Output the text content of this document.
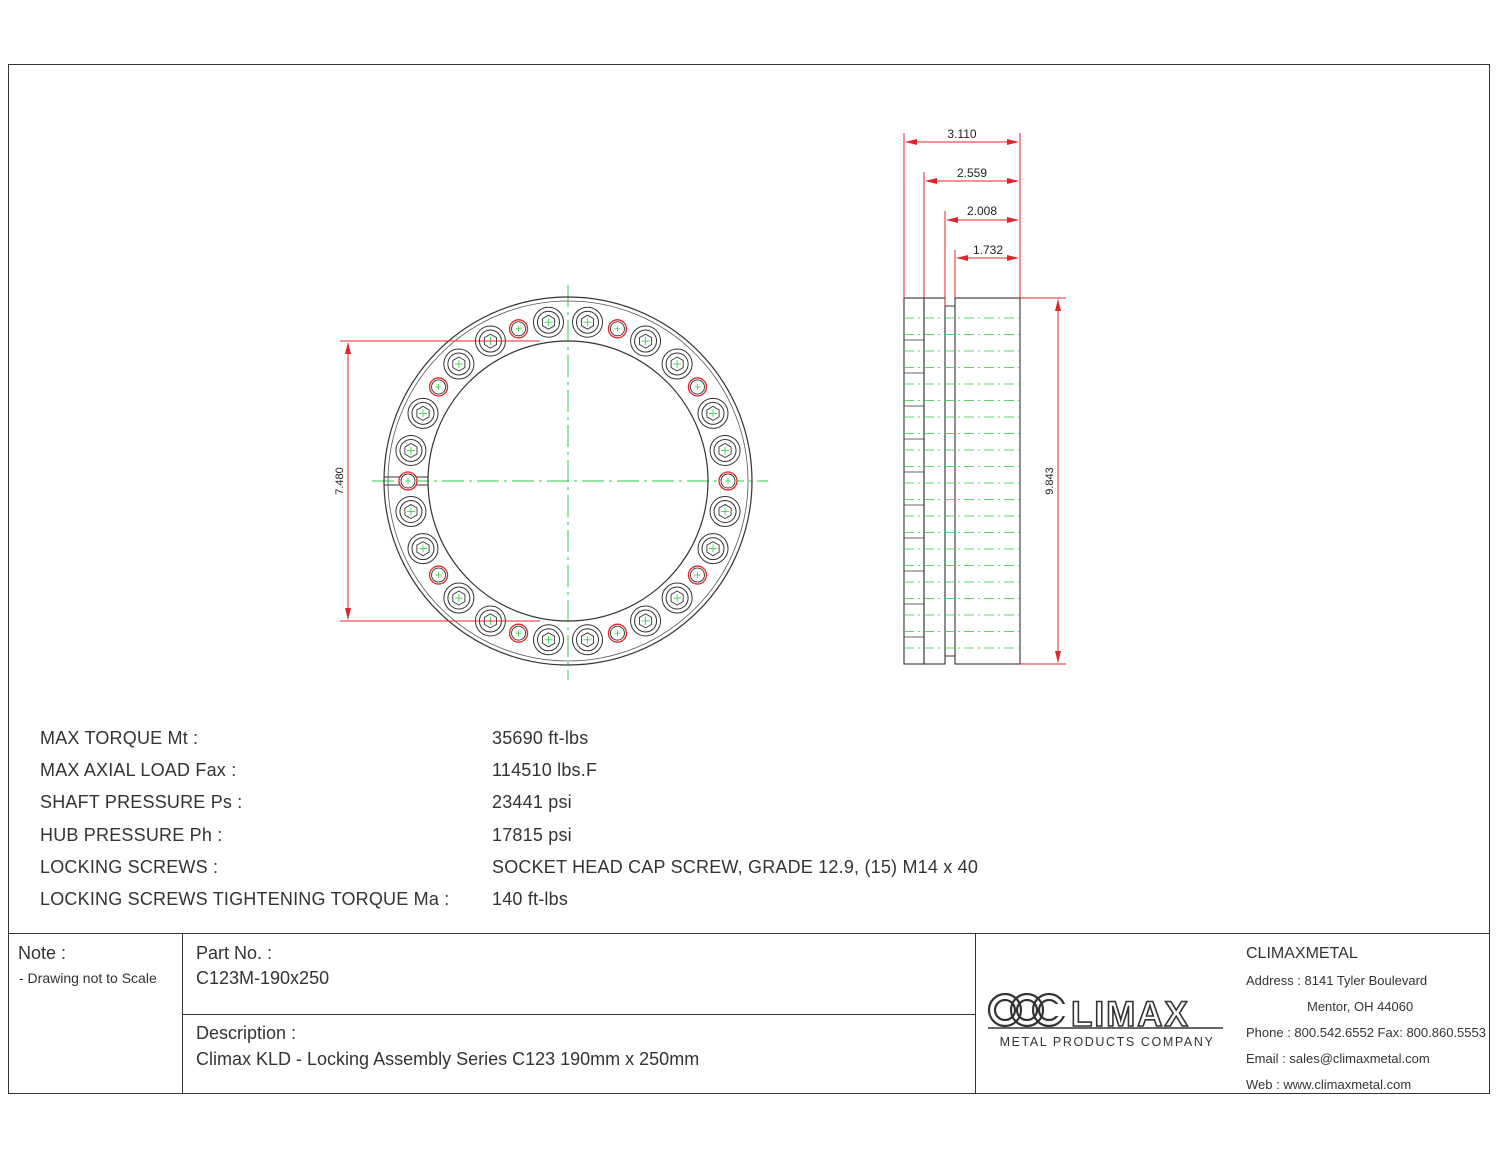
7.480
3.110
2.559
2.008
1.732
9.843
MAX TORQUE Mt :	35690 ft-lbs
MAX AXIAL LOAD Fax :	114510 lbs.F
SHAFT PRESSURE Ps :	23441 psi
HUB PRESSURE Ph :	17815 psi
LOCKING SCREWS :	SOCKET HEAD CAP SCREW, GRADE 12.9, (15) M14 x 40
LOCKING SCREWS TIGHTENING TORQUE Ma : 140 ft-lbs
Note :
- Drawing not to Scale
Part No. :
C123M-190x250
Description :
Climax KLD - Locking Assembly Series C123 190mm x 250mm
LIMAX
METAL PRODUCTS COMPANY
CLIMAXMETAL
Address : 8141 Tyler Boulevard
Mentor, OH 44060
Phone : 800.542.6552 Fax: 800.860.5553
Email : sales@climaxmetal.com
Web : www.climaxmetal.com
